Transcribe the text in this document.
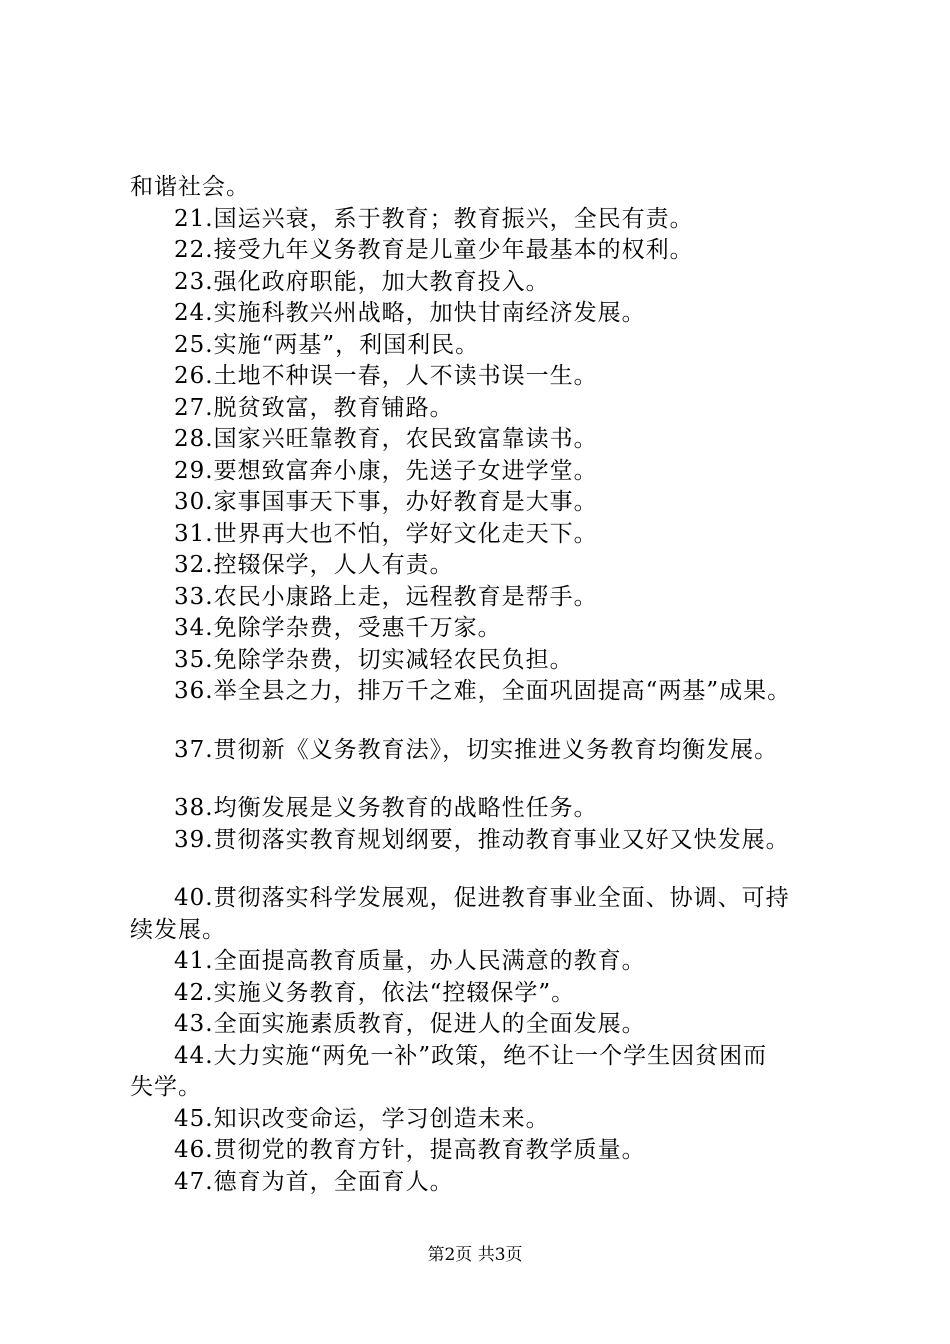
和谐社会。
21.国运兴衰，系于教育；教育振兴，全民有责。
22.接受九年义务教育是儿童少年最基本的权利。
23.强化政府职能，加大教育投入。
24.实施科教兴州战略，加快甘南经济发展。
25.实施“两基”，利国利民。
26.土地不种误一春，人不读书误一生。
27.脱贫致富，教育铺路。
28.国家兴旺靠教育，农民致富靠读书。
29.要想致富奔小康，先送子女进学堂。
30.家事国事天下事，办好教育是大事。
31.世界再大也不怕，学好文化走天下。
32.控辍保学，人人有责。
33.农民小康路上走，远程教育是帮手。
34.免除学杂费，受惠千万家。
35.免除学杂费，切实减轻农民负担。
36.举全县之力，排万千之难，全面巩固提高“两基”成果。
37.贯彻新《义务教育法》，切实推进义务教育均衡发展。
38.均衡发展是义务教育的战略性任务。
39.贯彻落实教育规划纲要，推动教育事业又好又快发展。
40.贯彻落实科学发展观，促进教育事业全面、协调、可持
续发展。
41.全面提高教育质量，办人民满意的教育。
42.实施义务教育，依法“控辍保学”。
43.全面实施素质教育，促进人的全面发展。
44.大力实施“两免一补”政策，绝不让一个学生因贫困而
失学。
45.知识改变命运，学习创造未来。
46.贯彻党的教育方针，提高教育教学质量。
47.德育为首，全面育人。
第2页 共3页
